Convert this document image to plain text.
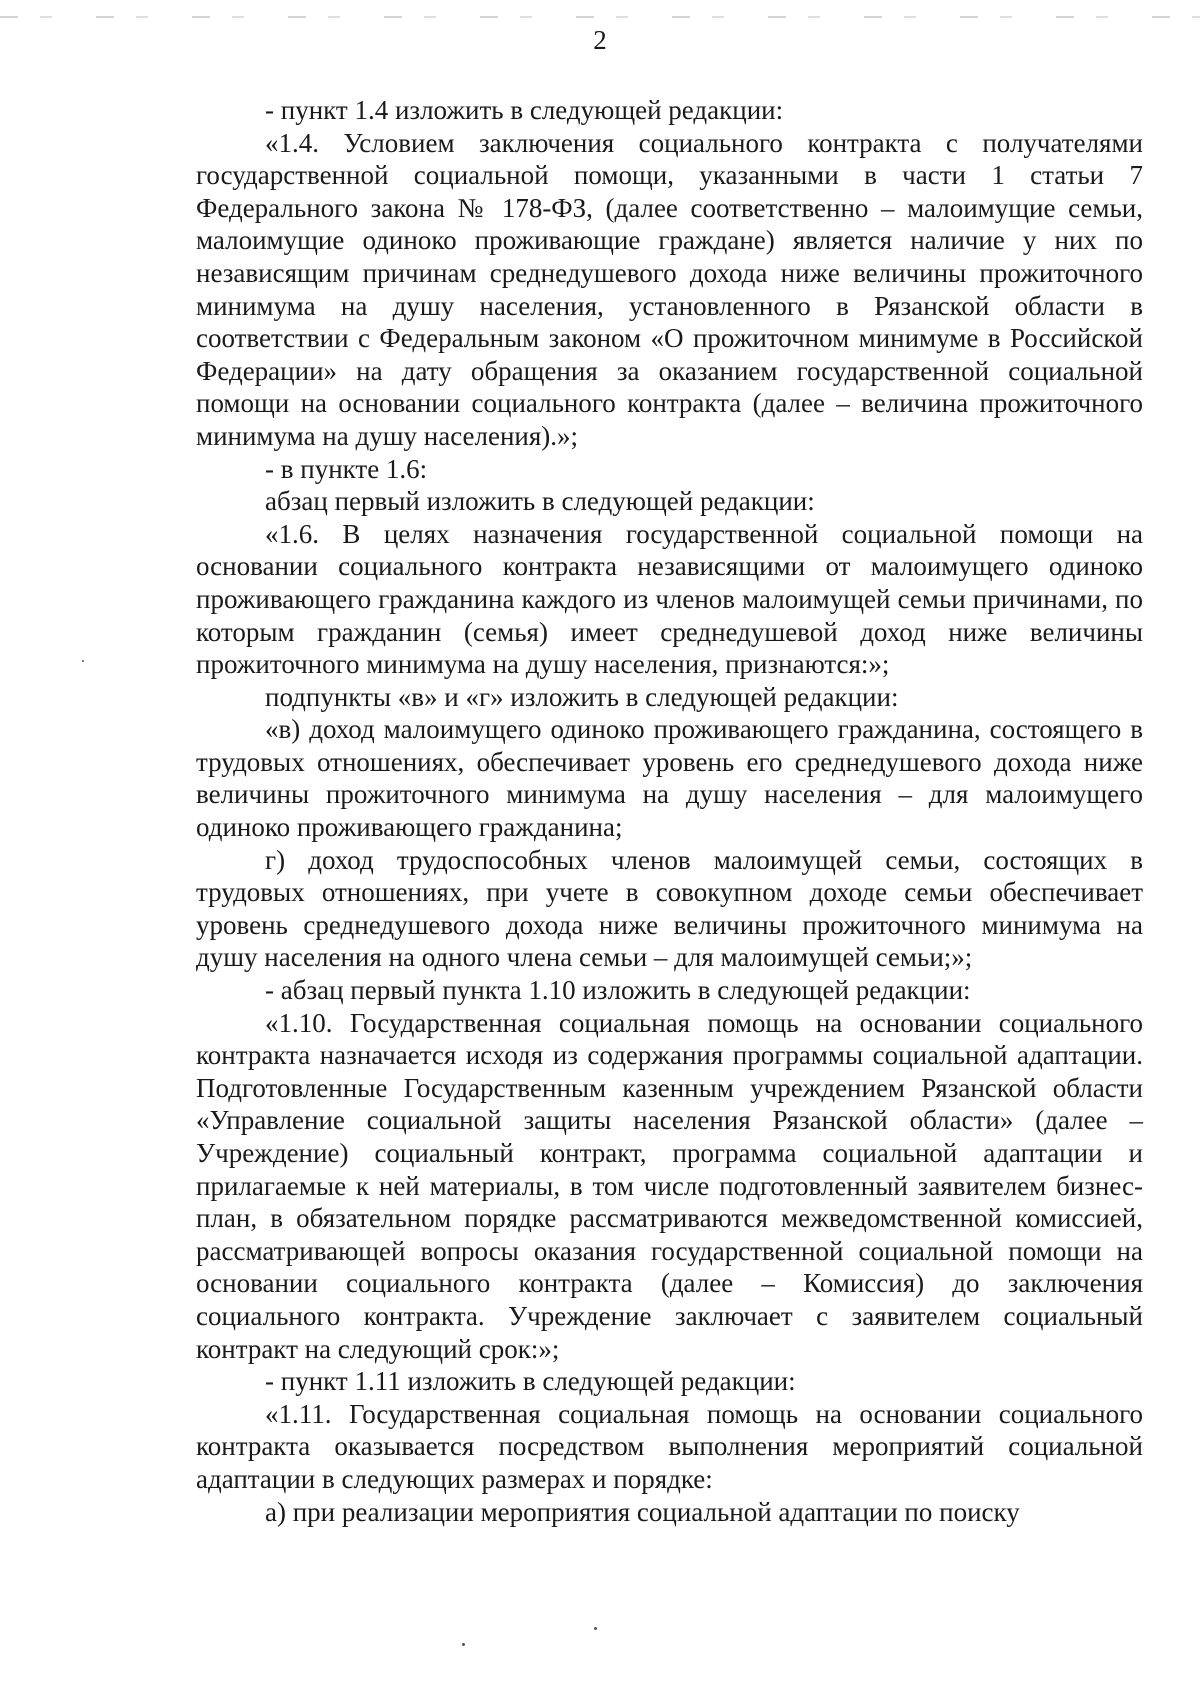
2

- пункт 1.4 изложить в следующей редакции:

«1.4. Условием заключения социального контракта с получателями государственной социальной помощи, указанными в части 1 статьи 7 Федерального закона № 178-ФЗ, (далее соответственно – малоимущие семьи, малоимущие одиноко проживающие граждане) является наличие у них по независящим причинам среднедушевого дохода ниже величины прожиточного минимума на душу населения, установленного в Рязанской области в соответствии с Федеральным законом «О прожиточном минимуме в Российской Федерации» на дату обращения за оказанием государственной социальной помощи на основании социального контракта (далее – величина прожиточного минимума на душу населения).»;

- в пункте 1.6:

абзац первый изложить в следующей редакции:

«1.6. В целях назначения государственной социальной помощи на основании социального контракта независящими от малоимущего одиноко проживающего гражданина каждого из членов малоимущей семьи причинами, по которым гражданин (семья) имеет среднедушевой доход ниже величины прожиточного минимума на душу населения, признаются:»;

подпункты «в» и «г» изложить в следующей редакции:

«в) доход малоимущего одиноко проживающего гражданина, состоящего в трудовых отношениях, обеспечивает уровень его среднедушевого дохода ниже величины прожиточного минимума на душу населения – для малоимущего одиноко проживающего гражданина;

г) доход трудоспособных членов малоимущей семьи, состоящих в трудовых отношениях, при учете в совокупном доходе семьи обеспечивает уровень среднедушевого дохода ниже величины прожиточного минимума на душу населения на одного члена семьи – для малоимущей семьи;»;

- абзац первый пункта 1.10 изложить в следующей редакции:

«1.10. Государственная социальная помощь на основании социального контракта назначается исходя из содержания программы социальной адаптации. Подготовленные Государственным казенным учреждением Рязанской области «Управление социальной защиты населения Рязанской области» (далее – Учреждение) социальный контракт, программа социальной адаптации и прилагаемые к ней материалы, в том числе подготовленный заявителем бизнес-план, в обязательном порядке рассматриваются межведомственной комиссией, рассматривающей вопросы оказания государственной социальной помощи на основании социального контракта (далее – Комиссия) до заключения социального контракта. Учреждение заключает с заявителем социальный контракт на следующий срок:»;

- пункт 1.11 изложить в следующей редакции:

«1.11. Государственная социальная помощь на основании социального контракта оказывается посредством выполнения мероприятий социальной адаптации в следующих размерах и порядке:

а) при реализации мероприятия социальной адаптации по поиску
